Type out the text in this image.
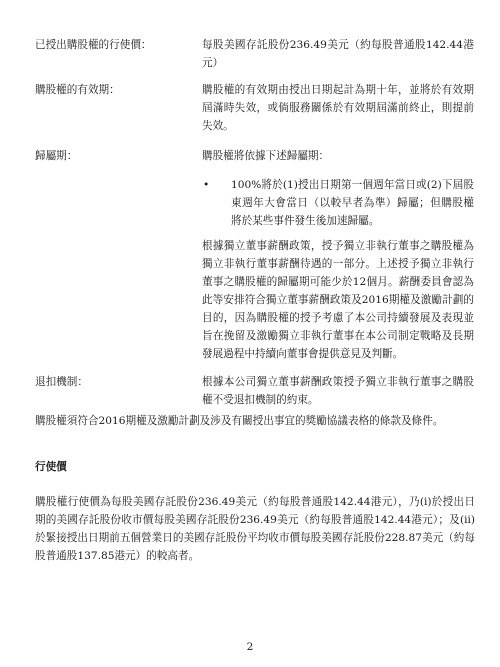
已授出購股權的行使價：	每股美國存託股份236.49美元（約每股普通股142.44港元）
購股權的有效期：	購股權的有效期由授出日期起計為期十年，並將於有效期屆滿時失效，或倘服務關係於有效期屆滿前終止，則提前失效。
歸屬期：	購股權將依據下述歸屬期：
• 100%將於(1)授出日期第一個週年當日或(2)下屆股東週年大會當日（以較早者為準）歸屬；但購股權將於某些事件發生後加速歸屬。
根據獨立董事薪酬政策，授予獨立非執行董事之購股權為獨立非執行董事薪酬待遇的一部分。上述授予獨立非執行董事之購股權的歸屬期可能少於12個月。薪酬委員會認為此等安排符合獨立董事薪酬政策及2016期權及激勵計劃的目的，因為購股權的授予考慮了本公司持續發展及表現並旨在挽留及激勵獨立非執行董事在本公司制定戰略及長期發展過程中持續向董事會提供意見及判斷。
退扣機制：	根據本公司獨立董事薪酬政策授予獨立非執行董事之購股權不受退扣機制的約束。
購股權須符合2016期權及激勵計劃及涉及有關授出事宜的獎勵協議表格的條款及條件。
行使價
購股權行使價為每股美國存託股份236.49美元（約每股普通股142.44港元），乃(i)於授出日期的美國存託股份收市價每股美國存託股份236.49美元（約每股普通股142.44港元）；及(ii)於緊接授出日期前五個營業日的美國存託股份平均收市價每股美國存託股份228.87美元（約每股普通股137.85港元）的較高者。
2
